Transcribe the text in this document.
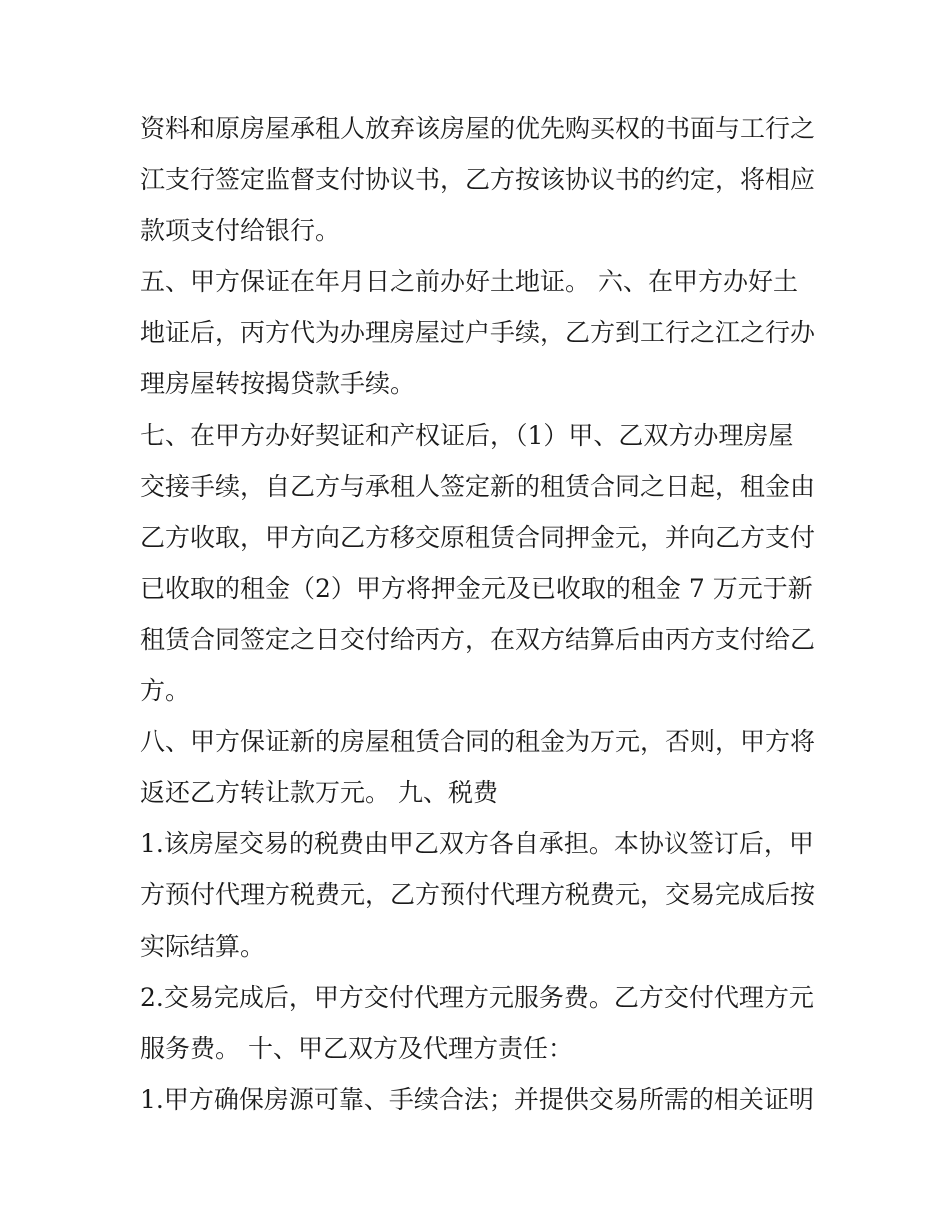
资料和原房屋承租人放弃该房屋的优先购买权的书面与工行之
江支行签定监督支付协议书，乙方按该协议书的约定，将相应
款项支付给银行。
五、甲方保证在年月日之前办好土地证。 六、在甲方办好土
地证后，丙方代为办理房屋过户手续，乙方到工行之江之行办
理房屋转按揭贷款手续。
七、在甲方办好契证和产权证后，（1）甲、乙双方办理房屋
交接手续，自乙方与承租人签定新的租赁合同之日起，租金由
乙方收取，甲方向乙方移交原租赁合同押金元，并向乙方支付
已收取的租金（2）甲方将押金元及已收取的租金 7 万元于新
租赁合同签定之日交付给丙方，在双方结算后由丙方支付给乙
方。
八、甲方保证新的房屋租赁合同的租金为万元，否则，甲方将
返还乙方转让款万元。 九、税费
1.该房屋交易的税费由甲乙双方各自承担。本协议签订后，甲
方预付代理方税费元，乙方预付代理方税费元，交易完成后按
实际结算。
2.交易完成后，甲方交付代理方元服务费。乙方交付代理方元
服务费。 十、甲乙双方及代理方责任：
1.甲方确保房源可靠、手续合法；并提供交易所需的相关证明
